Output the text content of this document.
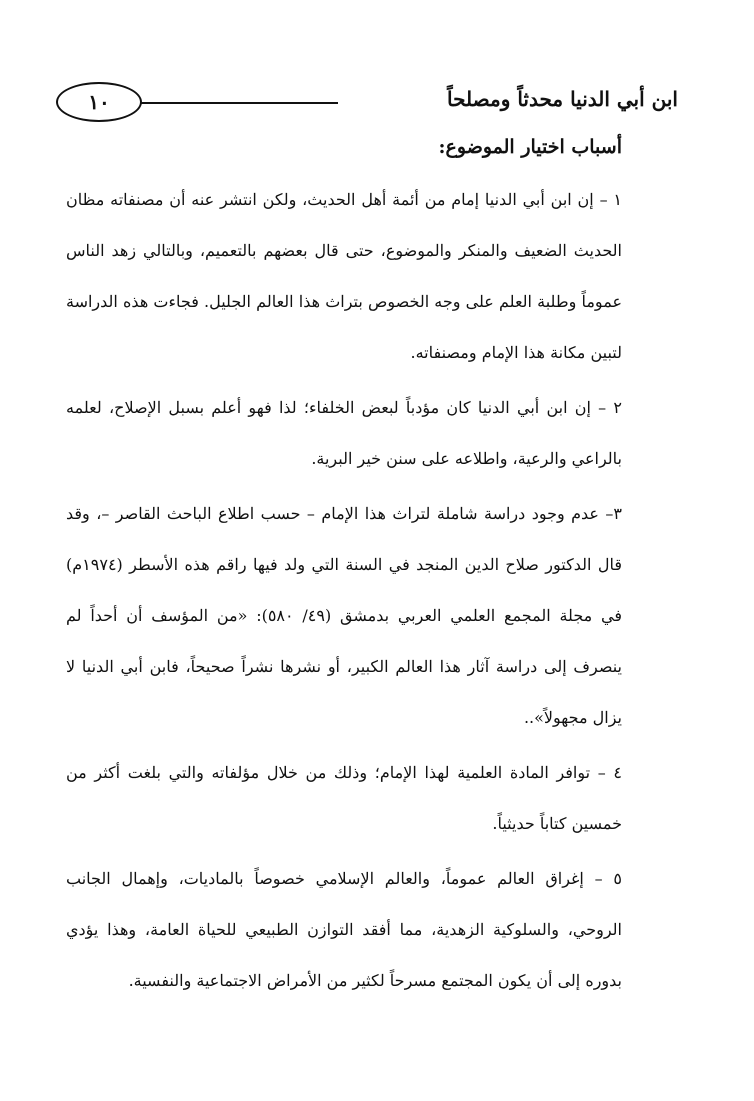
١٠	ابن أبي الدنيا محدثاً ومصلحاً
أسباب اختيار الموضوع:

١ – إن ابن أبي الدنيا إمام من أئمة أهل الحديث، ولكن انتشر عنه أن مصنفاته مظان الحديث الضعيف والمنكر والموضوع، حتى قال بعضهم بالتعميم، وبالتالي زهد الناس عموماً وطلبة العلم على وجه الخصوص بتراث هذا العالم الجليل. فجاءت هذه الدراسة لتبين مكانة هذا الإمام ومصنفاته.

٢ – إن ابن أبي الدنيا كان مؤدباً لبعض الخلفاء؛ لذا فهو أعلم بسبل الإصلاح، لعلمه بالراعي والرعية، واطلاعه على سنن خير البرية.

٣– عدم وجود دراسة شاملة لتراث هذا الإمام – حسب اطلاع الباحث القاصر –، وقد قال الدكتور صلاح الدين المنجد في السنة التي ولد فيها راقم هذه الأسطر (١٩٧٤م) في مجلة المجمع العلمي العربي بدمشق (٤٩/ ٥٨٠): «من المؤسف أن أحداً لم ينصرف إلى دراسة آثار هذا العالم الكبير، أو نشرها نشراً صحيحاً، فابن أبي الدنيا لا يزال مجهولاً»..

٤ – توافر المادة العلمية لهذا الإمام؛ وذلك من خلال مؤلفاته والتي بلغت أكثر من خمسين كتاباً حديثياً.

٥ – إغراق العالم عموماً، والعالم الإسلامي خصوصاً بالماديات، وإهمال الجانب الروحي، والسلوكية الزهدية، مما أفقد التوازن الطبيعي للحياة العامة، وهذا يؤدي بدوره إلى أن يكون المجتمع مسرحاً لكثير من الأمراض الاجتماعية والنفسية.
